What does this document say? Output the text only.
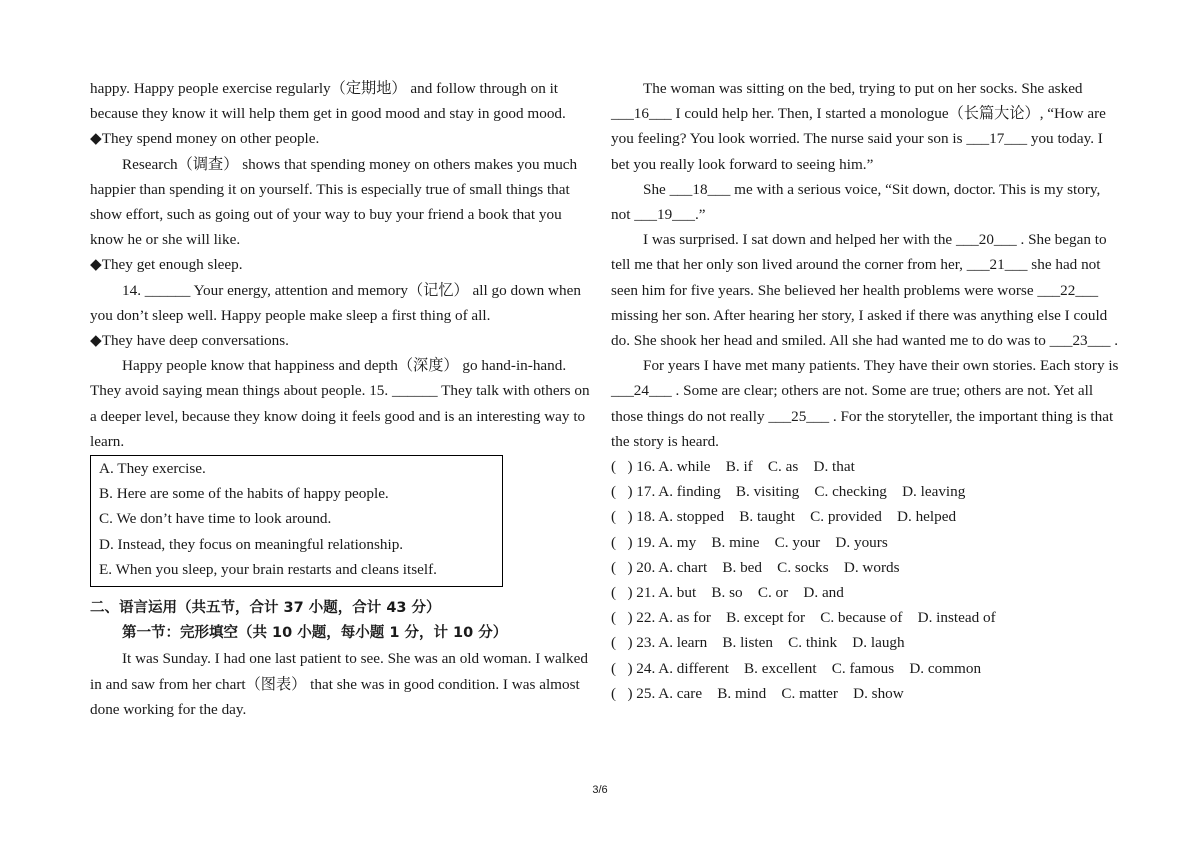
happy. Happy people exercise regularly（定期地） and follow through on it because they know it will help them get in good mood and stay in good mood.

◆ They spend money on other people.

Research（调查） shows that spending money on others makes you much happier than spending it on yourself. This is especially true of small things that show effort, such as going out of your way to buy your friend a book that you know he or she will like.

◆ They get enough sleep.

14. ______ Your energy, attention and memory（记忆） all go down when you don’t sleep well. Happy people make sleep a first thing of all.

◆ They have deep conversations.

Happy people know that happiness and depth（深度） go hand-in-hand. They avoid saying mean things about people. 15. ______ They talk with others on a deeper level, because they know doing it feels good and is an interesting way to learn.

A. They exercise.

B. Here are some of the habits of happy people.

C. We don’t have time to look around.

D. Instead, they focus on meaningful relationship.

E. When you sleep, your brain restarts and cleans itself.

二、语言运用（共五节，合计 37 小题，合计 43 分）

第一节：完形填空（共 10 小题，每小题 1 分，计 10 分）

It was Sunday. I had one last patient to see. She was an old woman. I walked in and saw from her chart（图表） that she was in good condition. I was almost done working for the day.

The woman was sitting on the bed, trying to put on her socks. She asked ___16___ I could help her. Then, I started a monologue（长篇大论）, “How are you feeling? You look worried. The nurse said your son is ___17___ you today. I bet you really look forward to seeing him.”

She ___18___ me with a serious voice, “Sit down, doctor. This is my story, not ___19___.”

I was surprised. I sat down and helped her with the ___20___ . She began to tell me that her only son lived around the corner from her, ___21___ she had not seen him for five years. She believed her health problems were worse ___22___ missing her son. After hearing her story, I asked if there was anything else I could do. She shook her head and smiled. All she had wanted me to do was to ___23___ .

For years I have met many patients. They have their own stories. Each story is ___24___ . Some are clear; others are not. Some are true; others are not. Yet all those things do not really ___25___ . For the storyteller, the important thing is that the story is heard.

(   ) 16. A. while    B. if    C. as    D. that

(   ) 17. A. finding    B. visiting    C. checking    D. leaving

(   ) 18. A. stopped    B. taught    C. provided    D. helped

(   ) 19. A. my    B. mine    C. your    D. yours

(   ) 20. A. chart    B. bed    C. socks    D. words

(   ) 21. A. but    B. so    C. or    D. and

(   ) 22. A. as for    B. except for    C. because of    D. instead of

(   ) 23. A. learn    B. listen    C. think    D. laugh

(   ) 24. A. different    B. excellent    C. famous    D. common

(   ) 25. A. care    B. mind    C. matter    D. show

3/6
